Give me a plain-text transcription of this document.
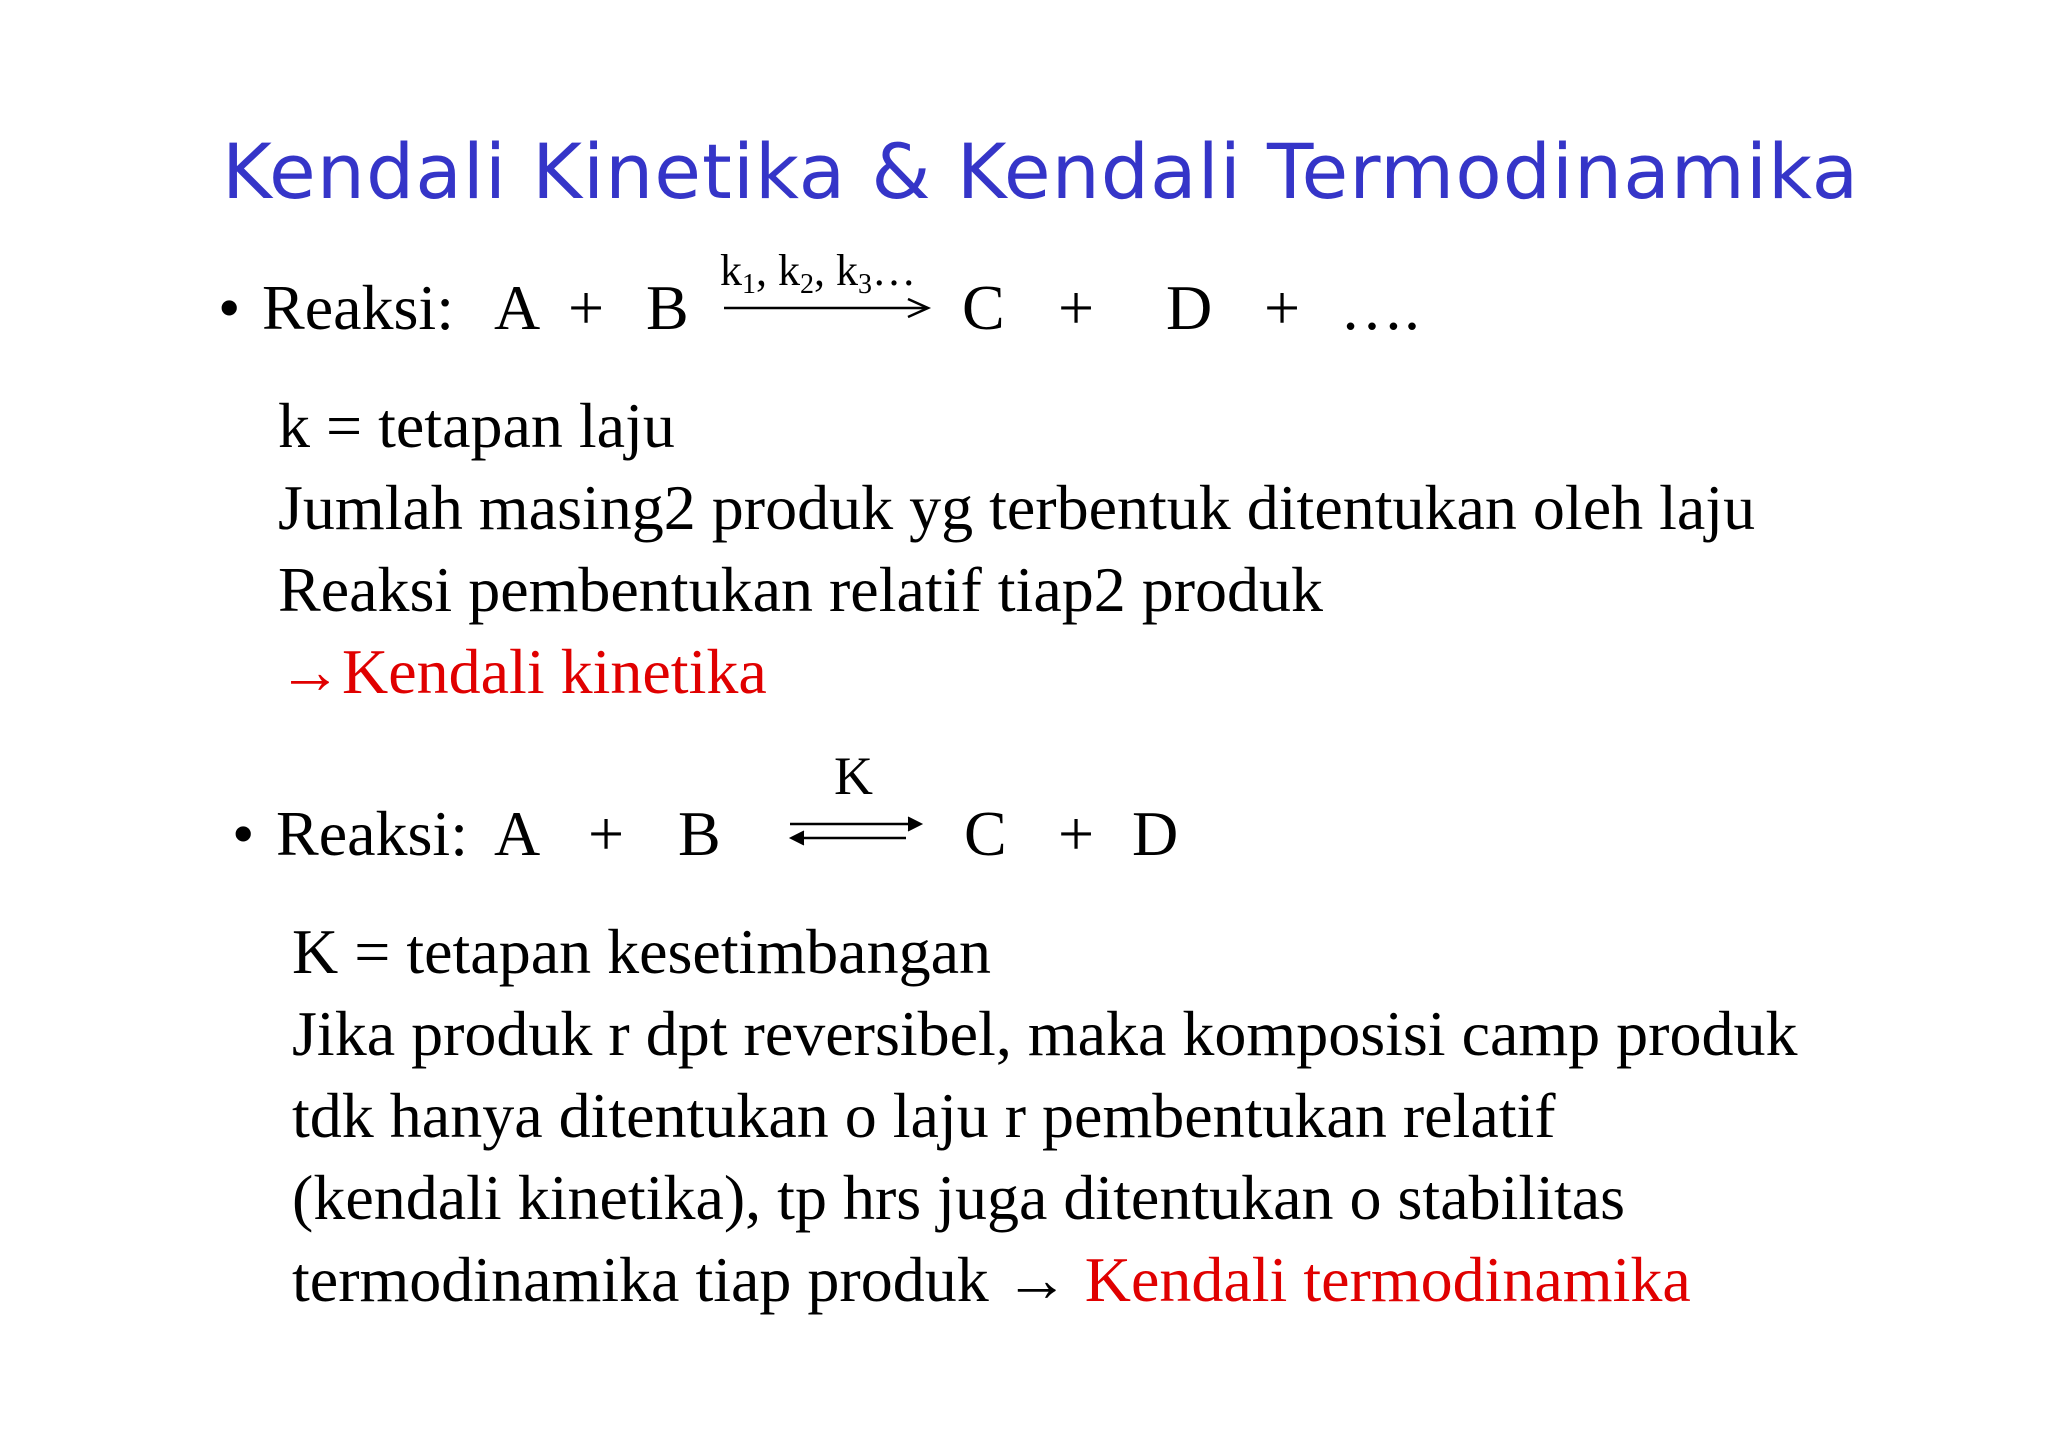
Kendali Kinetika & Kendali Termodinamika
• Reaksi: A + B
$k_1$, $k_2$, $k_3\dots$
C + D + ….
k = tetapan laju
Jumlah masing2 produk yg terbentuk ditentukan oleh laju
Reaksi pembentukan relatif tiap2 produk
→Kendali kinetika
• Reaksi: A + B
K
C + D
K = tetapan kesetimbangan
Jika produk r dpt reversibel, maka komposisi camp produk
tdk hanya ditentukan o laju r pembentukan relatif
(kendali kinetika), tp hrs juga ditentukan o stabilitas
termodinamika tiap produk → Kendali termodinamika
